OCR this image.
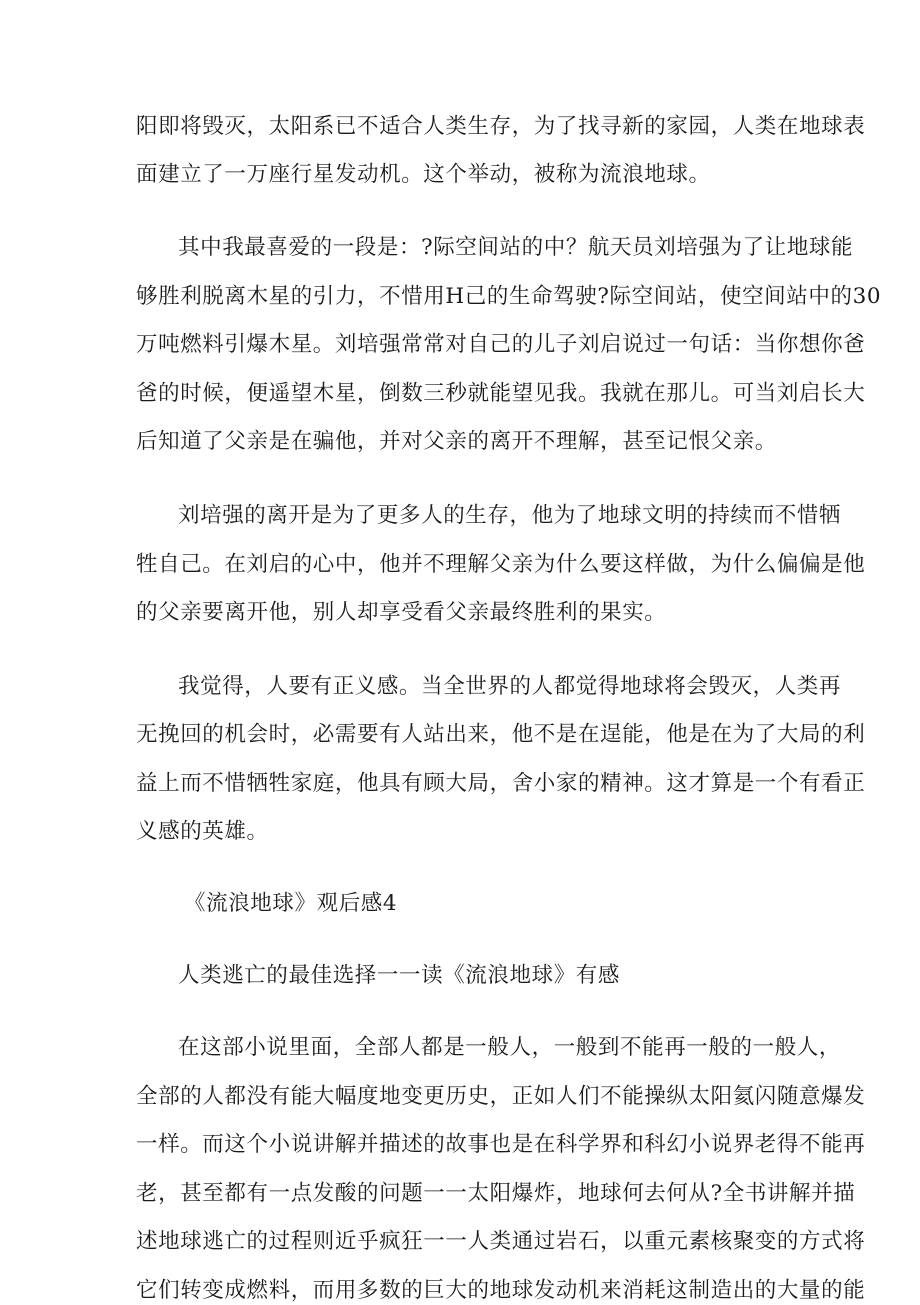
阳即将毁灭，太阳系已不适合人类生存，为了找寻新的家园，人类在地球表
面建立了一万座行星发动机。这个举动，被称为流浪地球。
其中我最喜爱的一段是：?际空间站的中？航天员刘培强为了让地球能
够胜利脱离木星的引力，不惜用H己的生命驾驶?际空间站，使空间站中的30
万吨燃料引爆木星。刘培强常常对自己的儿子刘启说过一句话：当你想你爸
爸的时候，便遥望木星，倒数三秒就能望见我。我就在那儿。可当刘启长大
后知道了父亲是在骗他，并对父亲的离开不理解，甚至记恨父亲。
刘培强的离开是为了更多人的生存，他为了地球文明的持续而不惜牺
牲自己。在刘启的心中，他并不理解父亲为什么要这样做，为什么偏偏是他
的父亲要离开他，别人却享受看父亲最终胜利的果实。
我觉得，人要有正义感。当全世界的人都觉得地球将会毁灭，人类再
无挽回的机会时，必需要有人站出来，他不是在逞能，他是在为了大局的利
益上而不惜牺牲家庭，他具有顾大局，舍小家的精神。这才算是一个有看正
义感的英雄。
《流浪地球》观后感4
人类逃亡的最佳选择一一读《流浪地球》有感
在这部小说里面，全部人都是一般人，一般到不能再一般的一般人，
全部的人都没有能大幅度地变更历史，正如人们不能操纵太阳氦闪随意爆发
一样。而这个小说讲解并描述的故事也是在科学界和科幻小说界老得不能再
老，甚至都有一点发酸的问题一一太阳爆炸，地球何去何从?全书讲解并描
述地球逃亡的过程则近乎疯狂一一人类通过岩石，以重元素核聚变的方式将
它们转变成燃料，而用多数的巨大的地球发动机来消耗这制造出的大量的能
